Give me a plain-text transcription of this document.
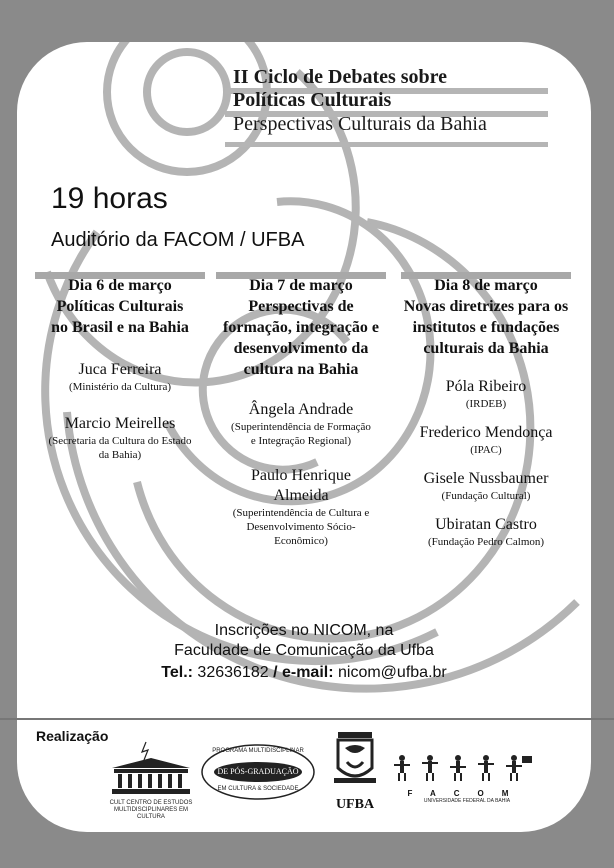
II Ciclo de Debates sobre

Políticas Culturais

Perspectivas Culturais da Bahia

19 horas
Auditório da FACOM / UFBA
Dia 6 de março
Políticas Culturais no Brasil e na Bahia
Juca Ferreira
(Ministério da Cultura)
Marcio Meirelles
(Secretaria da Cultura do Estado da Bahia)
Dia 7 de março
Perspectivas de formação, integração e desenvolvimento da cultura na Bahia
Ângela Andrade
(Superintendência de Formação e Integração Regional)
Paulo Henrique Almeida
(Superintendência de Cultura e Desenvolvimento Sócio-Econômico)
Dia 8 de março
Novas diretrizes para os institutos e fundações culturais da Bahia
Póla Ribeiro
(IRDEB)
Frederico Mendonça
(IPAC)
Gisele Nussbaumer
(Fundação Cultural)
Ubiratan Castro
(Fundação Pedro Calmon)
Inscrições no NICOM, na
Faculdade de Comunicação da Ufba
Tel.: 32636182 / e-mail: nicom@ufba.br
Realização
CULT CENTRO DE ESTUDOS MULTIDISCIPLINARES EM CULTURA
PROGRAMA MULTIDISCIPLINAR
DE PÓS-GRADUAÇÃO
EM CULTURA & SOCIEDADE
UFBA
FACOM
UNIVERSIDADE FEDERAL DA BAHIA
